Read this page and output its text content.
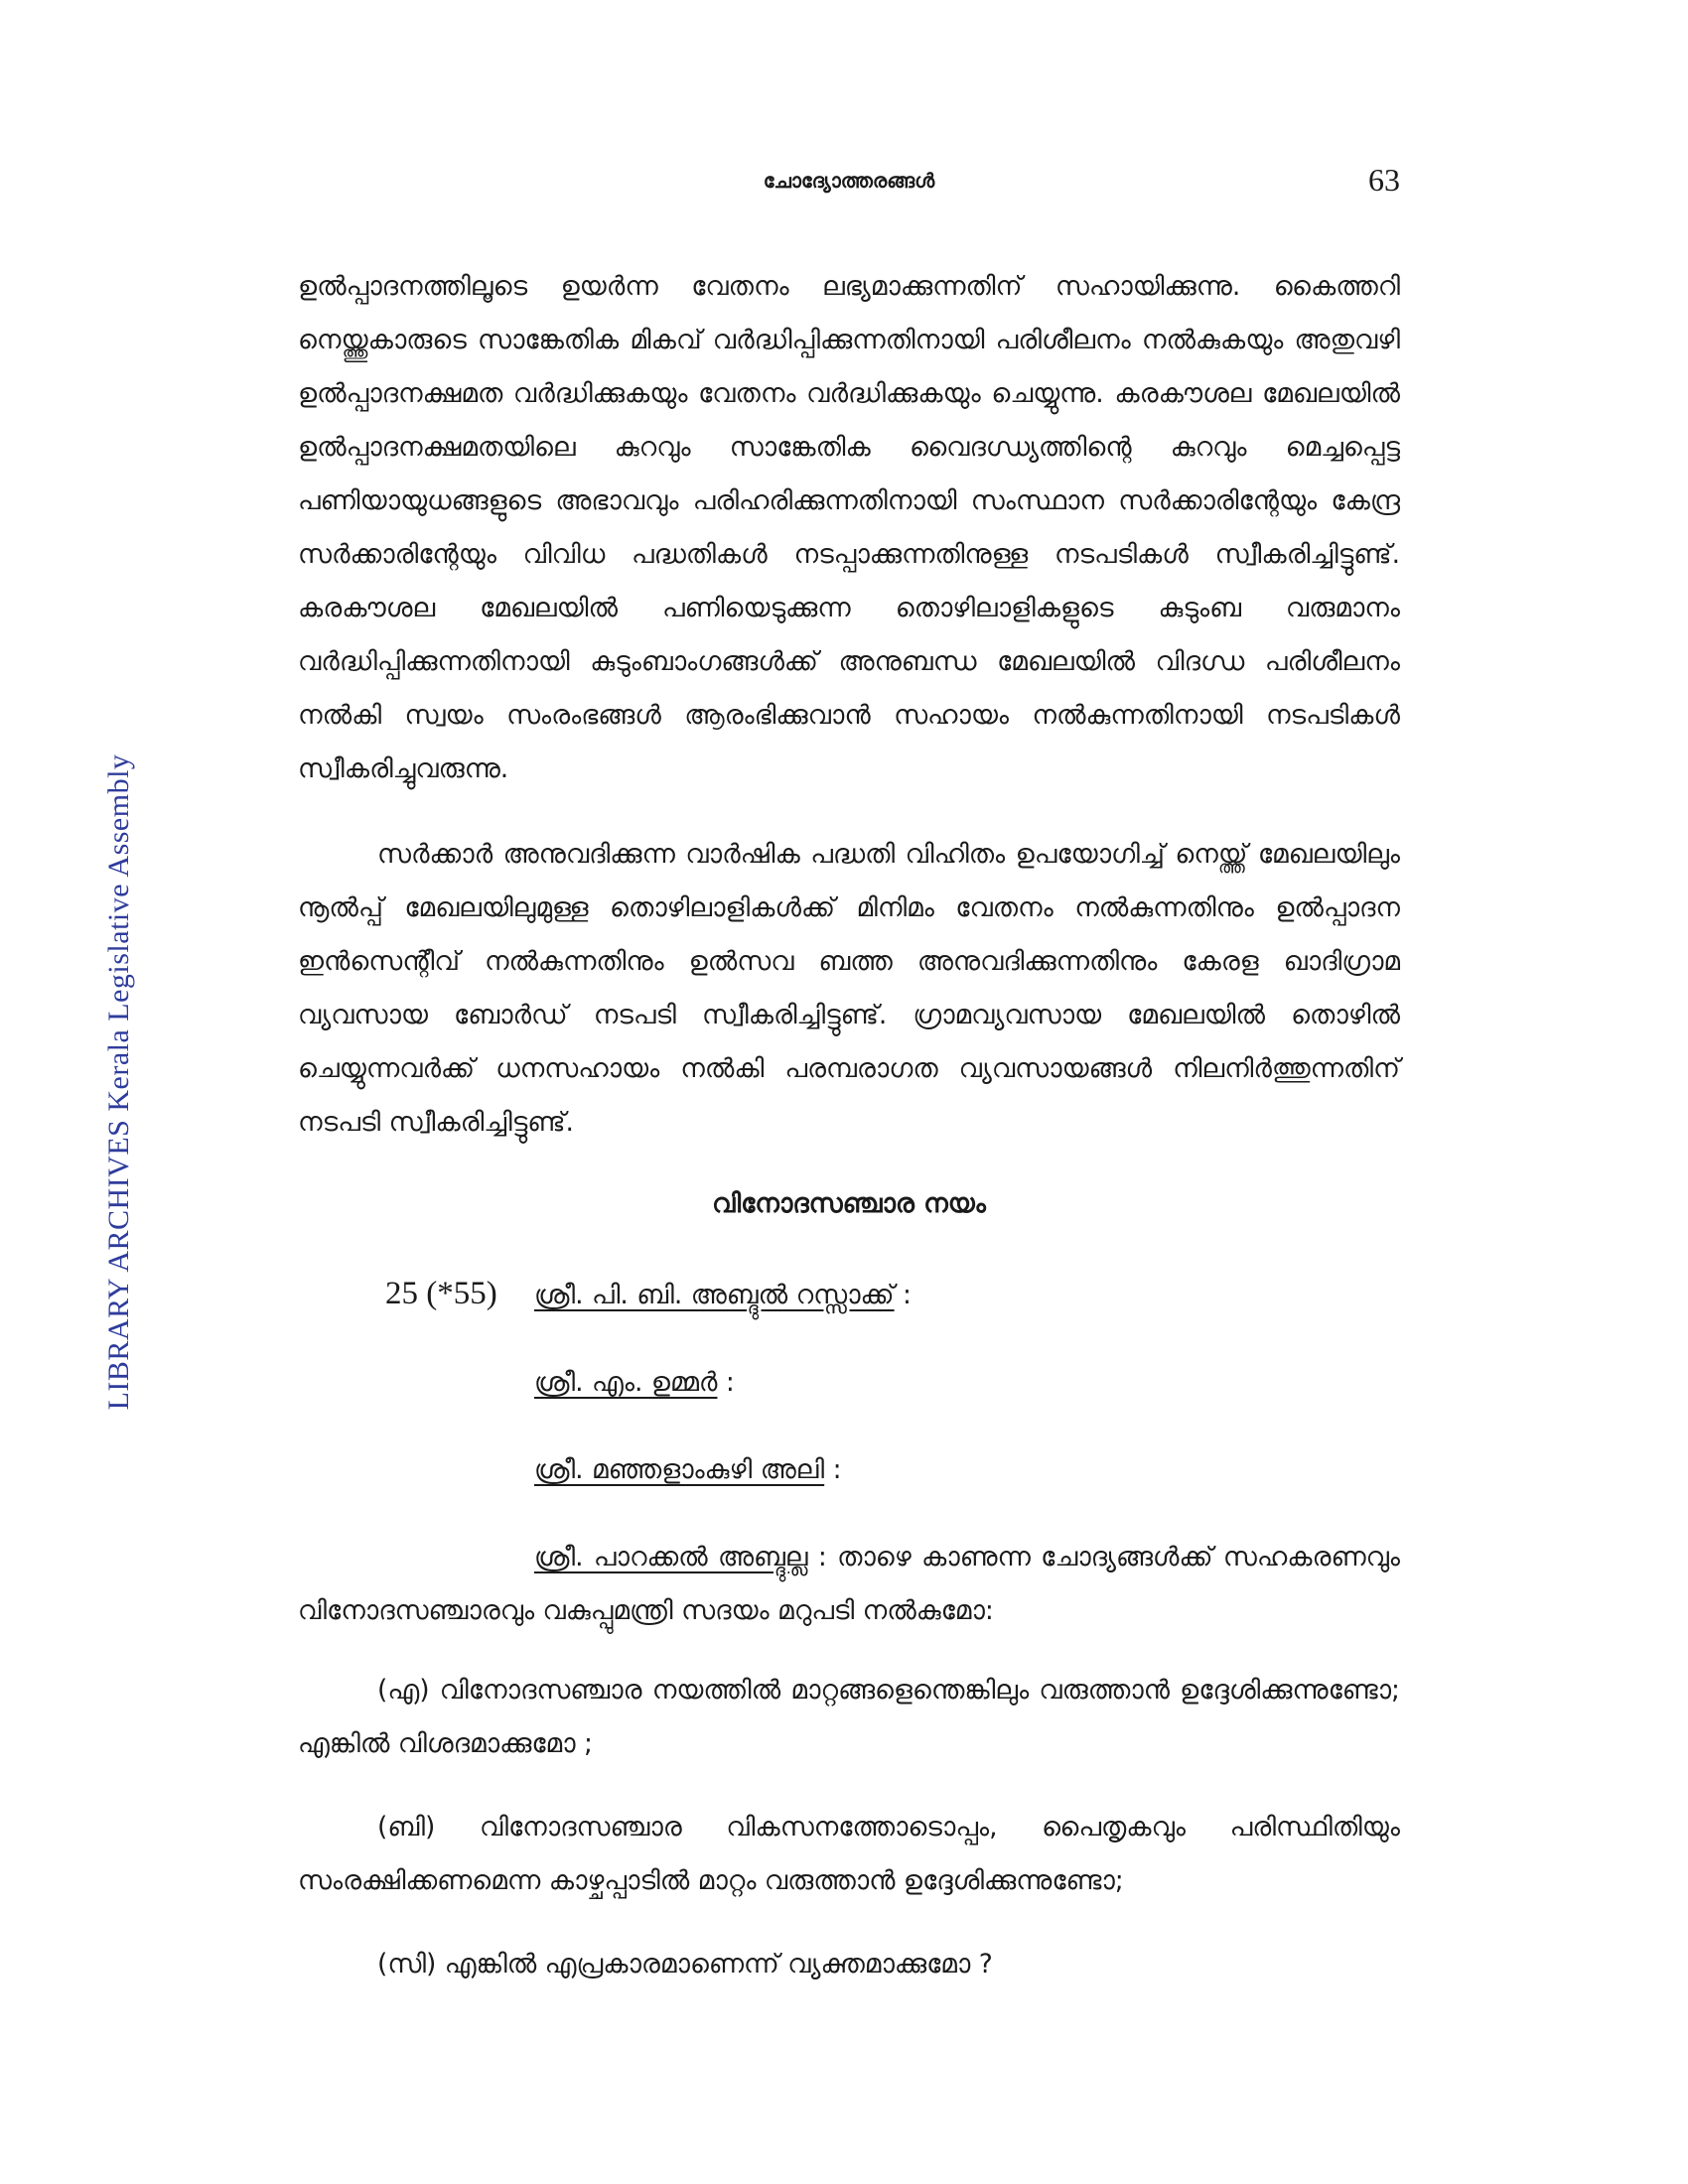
LIBRARY ARCHIVES Kerala Legislative Assembly
ചോദ്യോത്തരങ്ങൾ	63

ഉൽപ്പാദനത്തിലൂടെ ഉയർന്ന വേതനം ലഭ്യമാക്കുന്നതിന് സഹായിക്കുന്നു. കൈത്തറി നെയ്ത്തുകാരുടെ സാങ്കേതിക മികവ് വർദ്ധിപ്പിക്കുന്നതിനായി പരിശീലനം നൽകുകയും അതുവഴി ഉൽപ്പാദനക്ഷമത വർദ്ധിക്കുകയും വേതനം വർദ്ധിക്കുകയും ചെയ്യുന്നു. കരകൗശല മേഖലയിൽ ഉൽപ്പാദനക്ഷമതയിലെ കുറവും സാങ്കേതിക വൈദഗ്ധ്യത്തിന്റെ കുറവും മെച്ചപ്പെട്ട പണിയായുധങ്ങളുടെ അഭാവവും പരിഹരിക്കുന്നതിനായി സംസ്ഥാന സർക്കാരിന്റേയും കേന്ദ്ര സർക്കാരിന്റേയും വിവിധ പദ്ധതികൾ നടപ്പാക്കുന്നതിനുള്ള നടപടികൾ സ്വീകരിച്ചിട്ടുണ്ട്. കരകൗശല മേഖലയിൽ പണിയെടുക്കുന്ന തൊഴിലാളികളുടെ കുടുംബ വരുമാനം വർദ്ധിപ്പിക്കുന്നതിനായി കുടുംബാംഗങ്ങൾക്ക് അനുബന്ധ മേഖലയിൽ വിദഗ്ധ പരിശീലനം നൽകി സ്വയം സംരംഭങ്ങൾ ആരംഭിക്കുവാൻ സഹായം നൽകുന്നതിനായി നടപടികൾ സ്വീകരിച്ചുവരുന്നു.

സർക്കാർ അനുവദിക്കുന്ന വാർഷിക പദ്ധതി വിഹിതം ഉപയോഗിച്ച് നെയ്ത്ത് മേഖലയിലും നൂൽപ്പ് മേഖലയിലുമുള്ള തൊഴിലാളികൾക്ക് മിനിമം വേതനം നൽകുന്നതിനും ഉൽപ്പാദന ഇൻസെന്റീവ് നൽകുന്നതിനും ഉൽസവ ബത്ത അനുവദിക്കുന്നതിനും കേരള ഖാദിഗ്രാമ വ്യവസായ ബോർഡ് നടപടി സ്വീകരിച്ചിട്ടുണ്ട്. ഗ്രാമവ്യവസായ മേഖലയിൽ തൊഴിൽ ചെയ്യുന്നവർക്ക് ധനസഹായം നൽകി പരമ്പരാഗത വ്യവസായങ്ങൾ നിലനിർത്തുന്നതിന് നടപടി സ്വീകരിച്ചിട്ടുണ്ട്.

വിനോദസഞ്ചാര നയം

25 (*55) ശ്രീ. പി. ബി. അബ്ദുൽ റസ്സാക്ക് :

ശ്രീ. എം. ഉമ്മർ :

ശ്രീ. മഞ്ഞളാംകുഴി അലി :

ശ്രീ. പാറക്കൽ അബ്ദുല്ല : താഴെ കാണുന്ന ചോദ്യങ്ങൾക്ക് സഹകരണവും വിനോദസഞ്ചാരവും വകുപ്പുമന്ത്രി സദയം മറുപടി നൽകുമോ:

(എ) വിനോദസഞ്ചാര നയത്തിൽ മാറ്റങ്ങളെന്തെങ്കിലും വരുത്താൻ ഉദ്ദേശിക്കുന്നുണ്ടോ; എങ്കിൽ വിശദമാക്കുമോ ;

(ബി) വിനോദസഞ്ചാര വികസനത്തോടൊപ്പം, പൈതൃകവും പരിസ്ഥിതിയും സംരക്ഷിക്കണമെന്ന കാഴ്ചപ്പാടിൽ മാറ്റം വരുത്താൻ ഉദ്ദേശിക്കുന്നുണ്ടോ;

(സി) എങ്കിൽ എപ്രകാരമാണെന്ന് വ്യക്തമാക്കുമോ ?
